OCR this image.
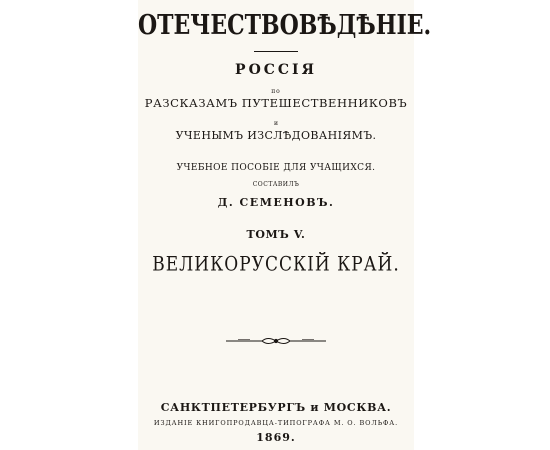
ОТЕЧЕСТВОВѢДѢНІЕ.
РОССІЯ
по
РАЗСКАЗАМЪ ПУТЕШЕСТВЕННИКОВЪ
и
УЧЕНЫМЪ ИЗСЛѢДОВАНІЯМЪ.
УЧЕБНОЕ ПОСОБІЕ ДЛЯ УЧАЩИХСЯ.
СОСТАВИЛЪ
Д. СЕМЕНОВЪ.
ТОМЪ V.
ВЕЛИКОРУССКІЙ КРАЙ.
САНКТПЕТЕРБУРГЪ и МОСКВА.
ИЗДАНІЕ КНИГОПРОДАВЦА-ТИПОГРАФА М. О. ВОЛЬФА.
1869.
